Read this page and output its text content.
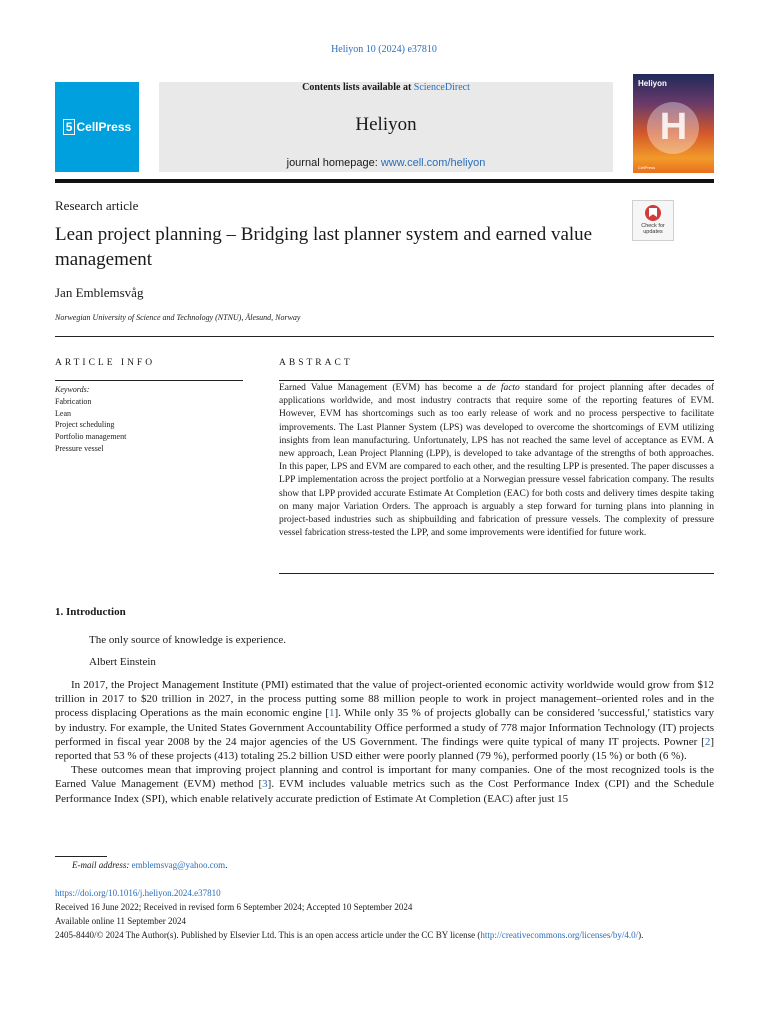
Heliyon 10 (2024) e37810
5 CellPress
Contents lists available at ScienceDirect
Heliyon
journal homepage: www.cell.com/heliyon
Heliyon
H
CellPress
Research article
Check for updates
Lean project planning – Bridging last planner system and earned value management
Jan Emblemsvåg
Norwegian University of Science and Technology (NTNU), Ålesund, Norway
ARTICLE INFO
Keywords:
Fabrication
Lean
Project scheduling
Portfolio management
Pressure vessel
ABSTRACT
Earned Value Management (EVM) has become a de facto standard for project planning after decades of applications worldwide, and most industry contracts that require some of the reporting features of EVM. However, EVM has shortcomings such as too early release of work and no process perspective to facilitate improvements. The Last Planner System (LPS) was developed to overcome the shortcomings of EVM utilizing insights from lean manufacturing. Unfortunately, LPS has not reached the same level of acceptance as EVM. A new approach, Lean Project Planning (LPP), is developed to take advantage of the strengths of both approaches. In this paper, LPS and EVM are compared to each other, and the resulting LPP is presented. The paper discusses a LPP implementation across the project portfolio at a Norwegian pressure vessel fabrication company. The results show that LPP provided accurate Estimate At Completion (EAC) for both costs and delivery times despite taking on many major Variation Orders. The approach is arguably a step forward for turning plans into planning in project-based industries such as shipbuilding and fabrication of pressure vessels. The complexity of pressure vessel fabrication stress-tested the LPP, and some improvements were identified for future work.
1. Introduction
The only source of knowledge is experience.
Albert Einstein

In 2017, the Project Management Institute (PMI) estimated that the value of project-oriented economic activity worldwide would grow from $12 trillion in 2017 to $20 trillion in 2027, in the process putting some 88 million people to work in project management–oriented roles and in the process displacing Operations as the main economic engine [1]. While only 35 % of projects globally can be considered 'successful,' statistics vary by industry. For example, the United States Government Accountability Office performed a study of 778 major Information Technology (IT) projects performed in fiscal year 2008 by the 24 major agencies of the US Government. The findings were quite typical of many IT projects. Powner [2] reported that 53 % of these projects (413) totaling 25.2 billion USD either were poorly planned (79 %), performed poorly (15 %) or both (6 %).

These outcomes mean that improving project planning and control is important for many companies. One of the most recognized tools is the Earned Value Management (EVM) method [3]. EVM includes valuable metrics such as the Cost Performance Index (CPI) and the Schedule Performance Index (SPI), which enable relatively accurate prediction of Estimate At Completion (EAC) after just 15

E-mail address: emblemsvag@yahoo.com.
https://doi.org/10.1016/j.heliyon.2024.e37810
Received 16 June 2022; Received in revised form 6 September 2024; Accepted 10 September 2024
Available online 11 September 2024
2405-8440/© 2024 The Author(s). Published by Elsevier Ltd. This is an open access article under the CC BY license (http://creativecommons.org/licenses/by/4.0/).
